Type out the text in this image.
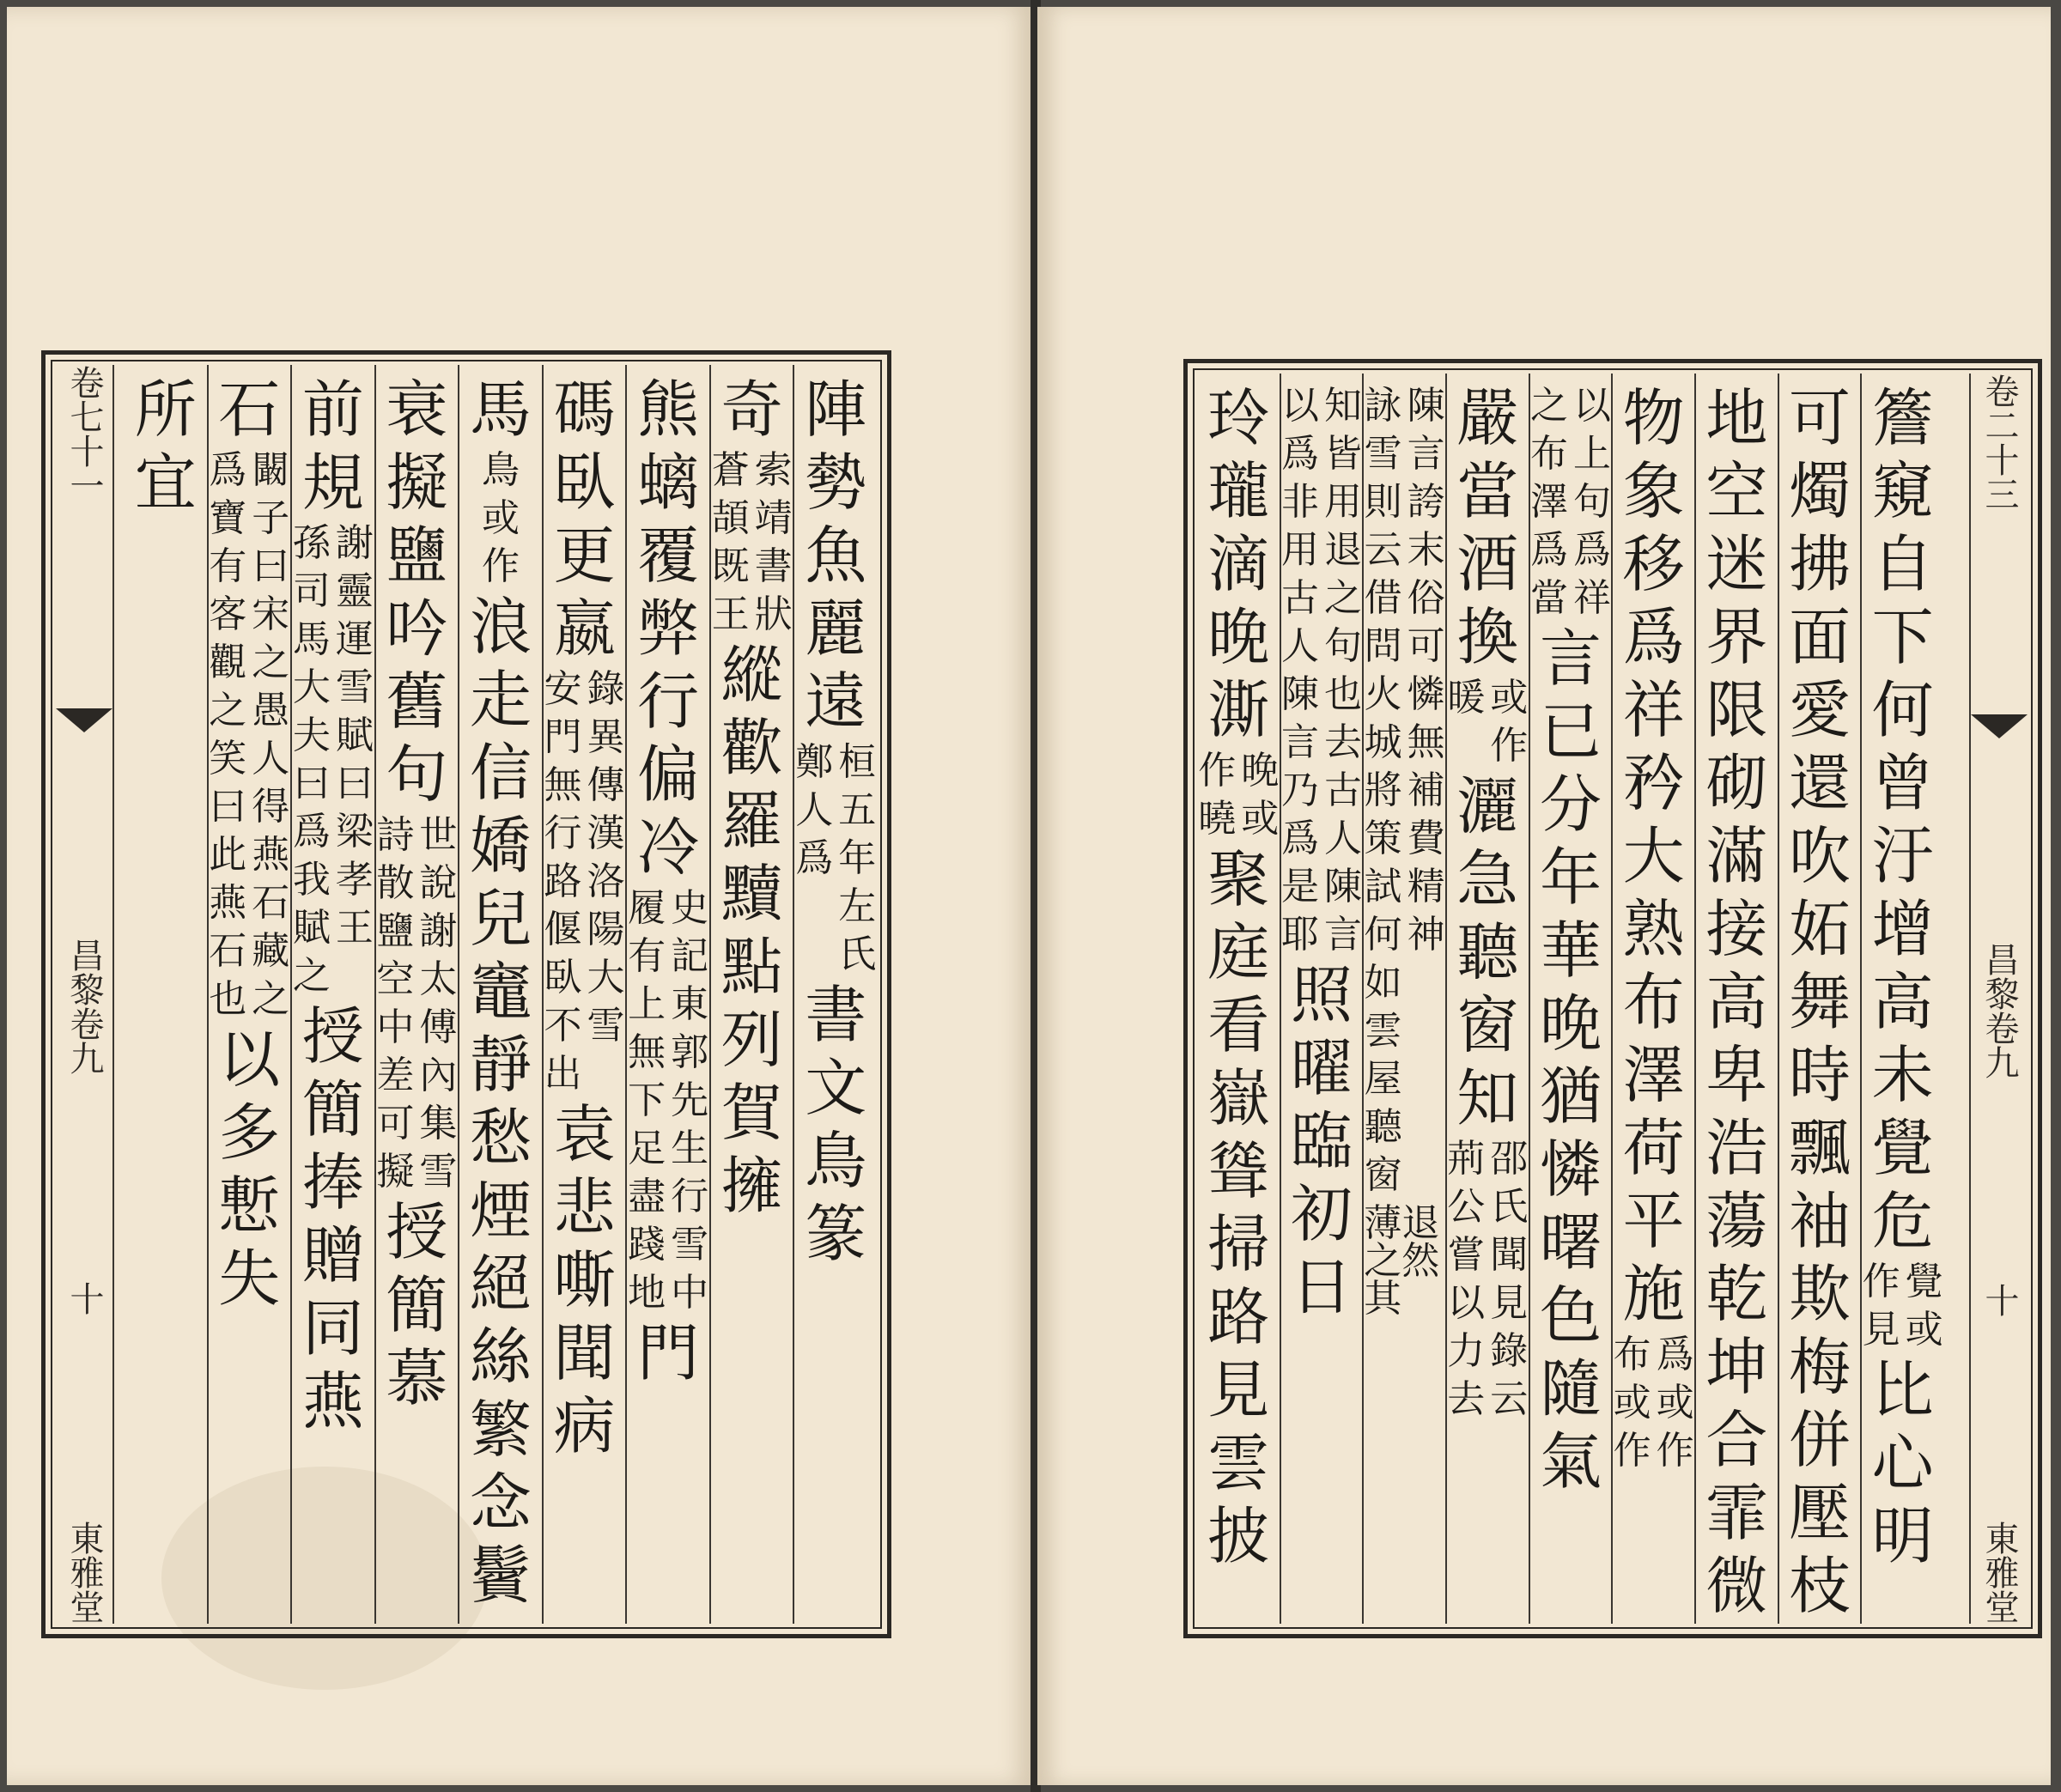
卷七十一
昌黎卷九
十
東雅堂
陣
勢
魚
麗
遠
桓
五
年
左
氏
鄭
人
爲
書
文
鳥
篆
奇
索
靖
書
狀
蒼
頡
既
王
縱
歡
羅
黷
點
列
賀
擁
熊
螭
覆
弊
行
偏
冷
史
記
東
郭
先
生
行
雪
中
履
有
上
無
下
足
盡
踐
地
門
碼
臥
更
嬴
錄
異
傳
漢
洛
陽
大
雪
安
門
無
行
路
偃
臥
不
出
袁
悲
嘶
聞
病
馬
鳥
或
作
浪
走
信
嬌
兒
竈
靜
愁
煙
絕
絲
繁
念
鬢
衰
擬
鹽
吟
舊
句
世
說
謝
太
傅
內
集
雪
詩
散
鹽
空
中
差
可
擬
授
簡
慕
前
規
謝
靈
運
雪
賦
曰
梁
孝
王
孫
司
馬
大
夫
曰
爲
我
賦
之
授
簡
捧
贈
同
燕
石
闞
子
曰
宋
之
愚
人
得
燕
石
藏
之
爲
寶
有
客
觀
之
笑
曰
此
燕
石
也
以
多
慙
失
所
宜	卷二十三
昌黎卷九
十
東雅堂
簷
窺
自
下
何
曾
汙
增
高
未
覺
危
覺
或
作
見
比
心
明
可
燭
拂
面
愛
還
吹
妬
舞
時
飄
袖
欺
梅
併
壓
枝
地
空
迷
界
限
砌
滿
接
高
卑
浩
蕩
乾
坤
合
霏
微
物
象
移
爲
祥
矜
大
熟
布
澤
荷
平
施
爲
或
作
布
或
作
以
上
句
爲
祥
之
布
澤
爲
當
言
已
分
年
華
晚
猶
憐
曙
色
隨
氣
嚴
當
酒
換
或
作
暖
灑
急
聽
窗
知
邵
氏
聞
見
錄
云
荊
公
嘗
以
力
去
陳
言
誇
末
俗
可
憐
無
補
費
精
神
詠
雪
則
云
借
問
火
城
將
策
試
何
如
雲
屋
聽
窗
薄退之然其
知
皆
用
退
之
句
也
去
古
人
陳
言
以
爲
非
用
古
人
陳
言
乃
爲
是
耶
照
曜
臨
初
日
玲
瓏
滴
晚
澌
晚
或
作
曉
聚
庭
看
嶽
聳
掃
路
見
雲
披
